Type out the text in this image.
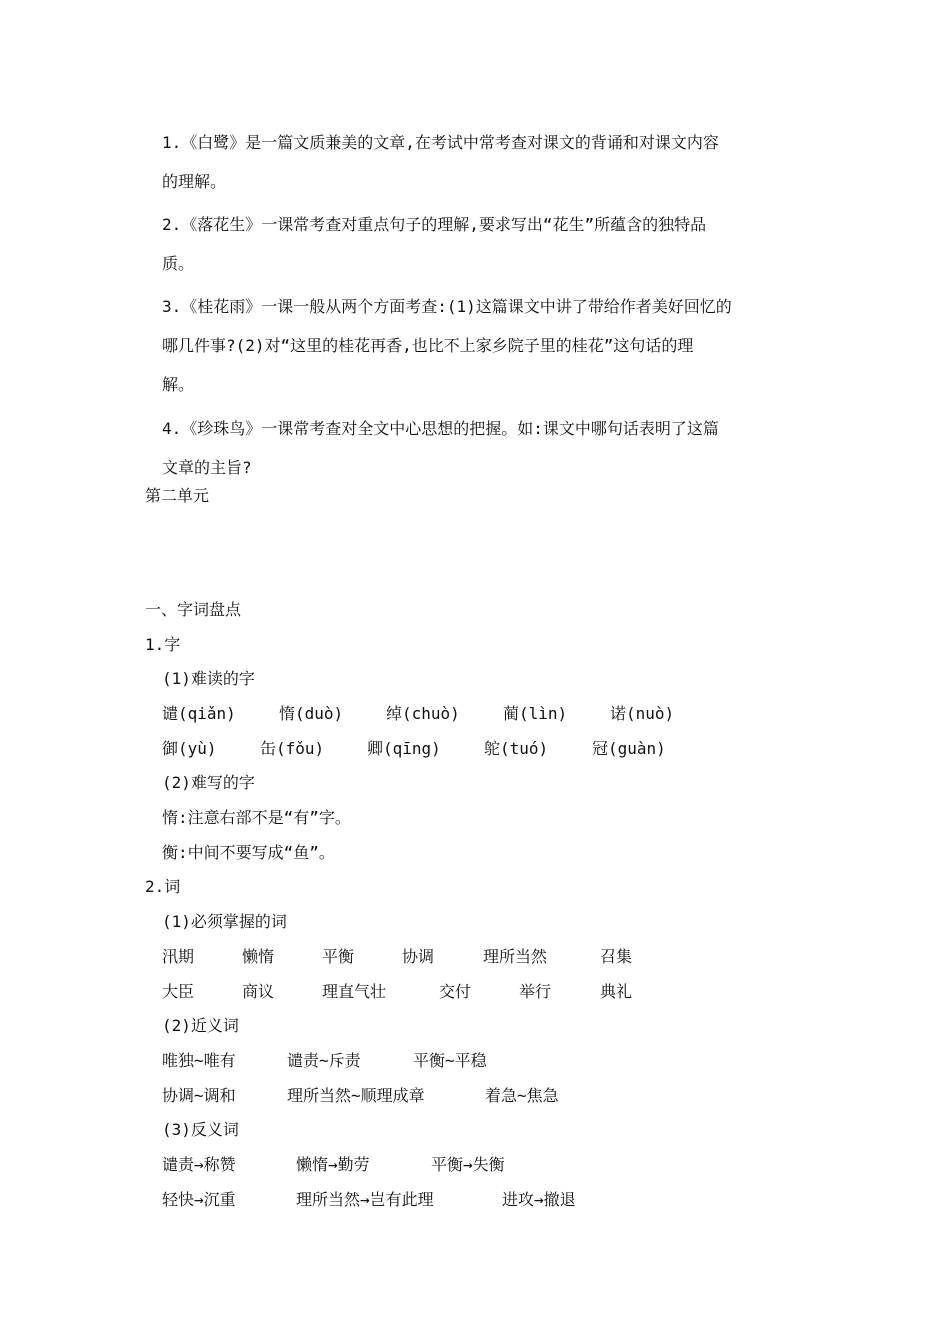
1.《白鹭》是一篇文质兼美的文章,在考试中常考查对课文的背诵和对课文内容
的理解。
2.《落花生》一课常考查对重点句子的理解,要求写出“花生”所蕴含的独特品
质。
3.《桂花雨》一课一般从两个方面考查:(1)这篇课文中讲了带给作者美好回忆的
哪几件事?(2)对“这里的桂花再香,也比不上家乡院子里的桂花”这句话的理
解。
4.《珍珠鸟》一课常考查对全文中心思想的把握。如:课文中哪句话表明了这篇
文章的主旨?
第二单元
一、字词盘点
1.字
(1)难读的字
谴(qiǎn)	惰(duò)	绰(chuò)	蔺(lìn)	诺(nuò)
御(yù)	缶(fǒu)	卿(qīng)	鸵(tuó)	冠(guàn)
(2)难写的字
惰:注意右部不是“有”字。
衡:中间不要写成“鱼”。
2.词
(1)必须掌握的词
汛期	懒惰	平衡	协调	理所当然	召集
大臣	商议	理直气壮	交付	举行	典礼
(2)近义词
唯独~唯有	谴责~斥责	平衡~平稳
协调~调和	理所当然~顺理成章	着急~焦急
(3)反义词
谴责→称赞	懒惰→勤劳	平衡→失衡
轻快→沉重	理所当然→岂有此理	进攻→撤退
